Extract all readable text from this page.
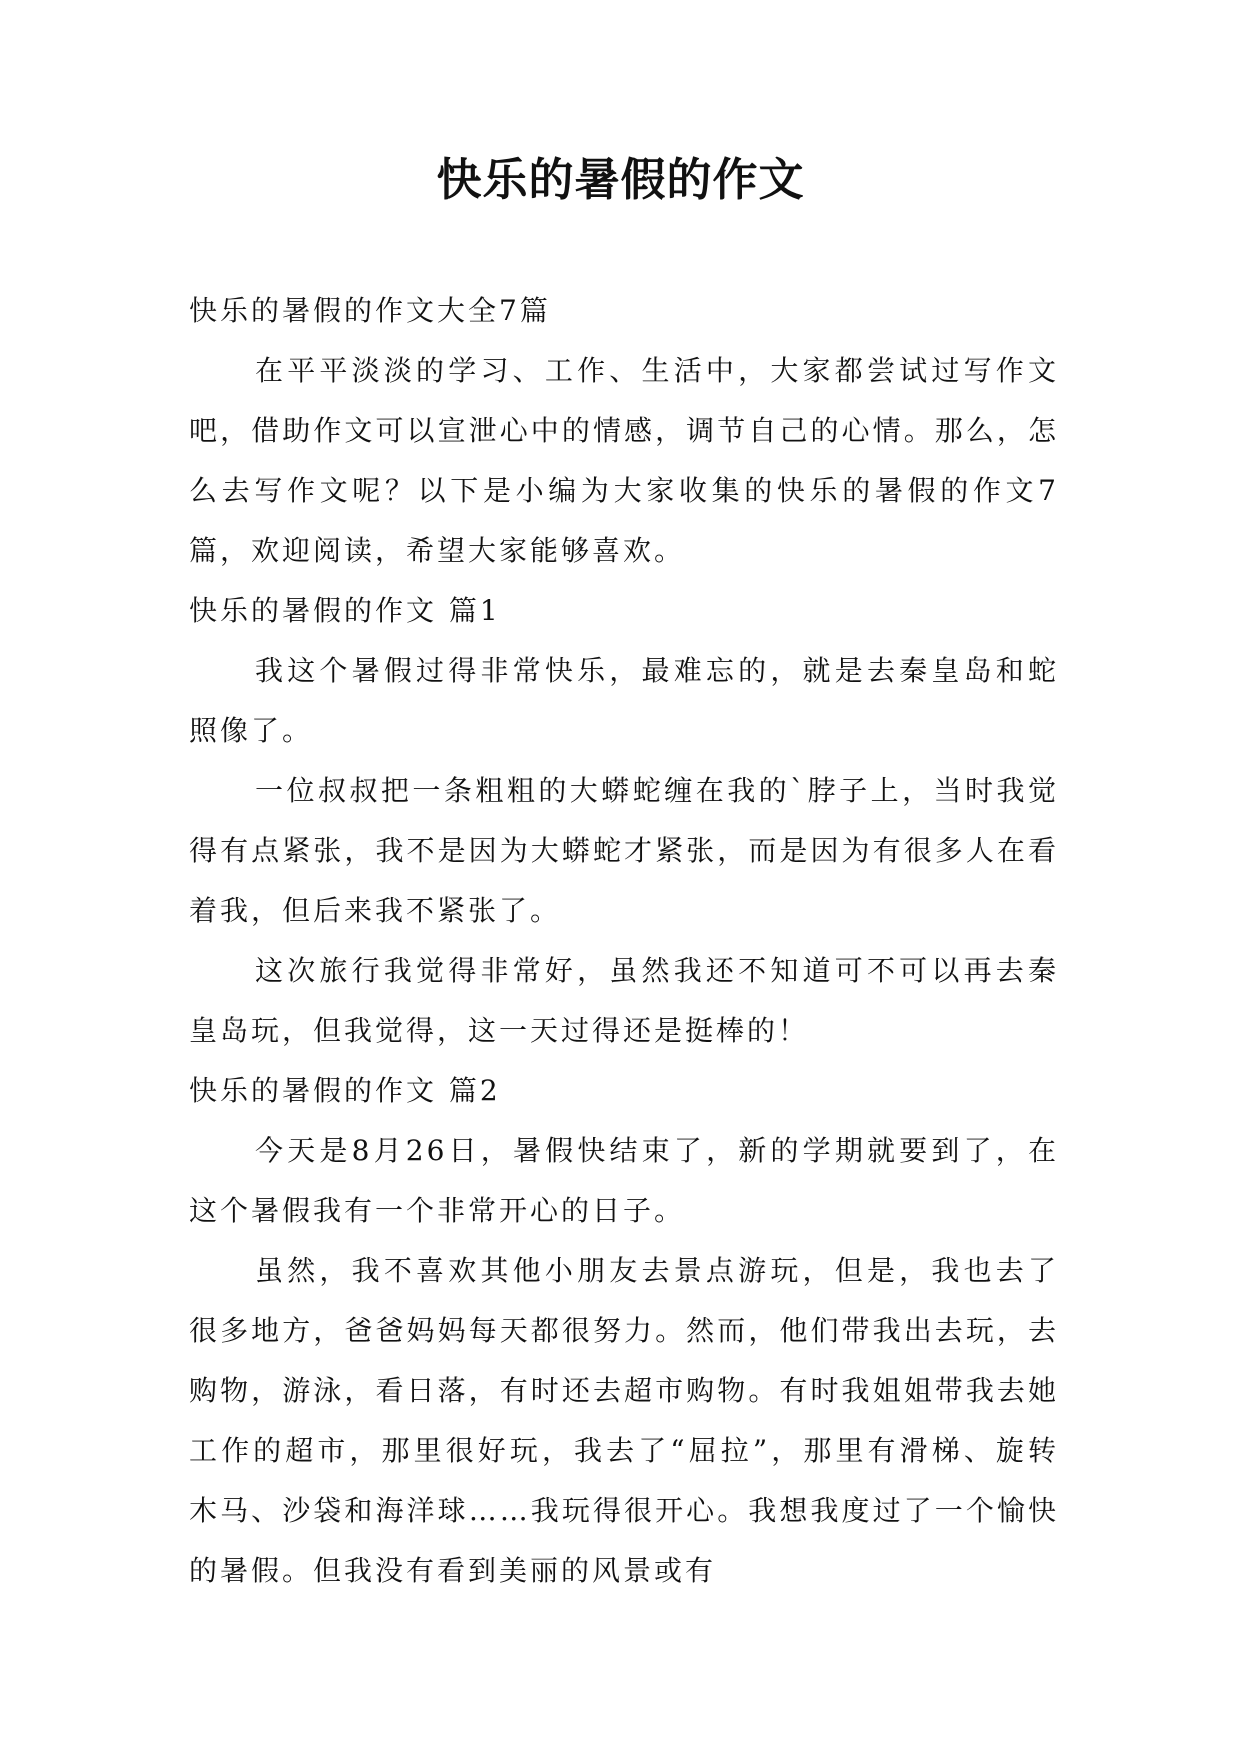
快乐的暑假的作文

快乐的暑假的作文大全7篇

在平平淡淡的学习、工作、生活中，大家都尝试过写作文吧，借助作文可以宣泄心中的情感，调节自己的心情。那么，怎么去写作文呢？以下是小编为大家收集的快乐的暑假的作文7篇，欢迎阅读，希望大家能够喜欢。

快乐的暑假的作文 篇1

我这个暑假过得非常快乐，最难忘的，就是去秦皇岛和蛇照像了。

一位叔叔把一条粗粗的大蟒蛇缠在我的`脖子上，当时我觉得有点紧张，我不是因为大蟒蛇才紧张，而是因为有很多人在看着我，但后来我不紧张了。

这次旅行我觉得非常好，虽然我还不知道可不可以再去秦皇岛玩，但我觉得，这一天过得还是挺棒的！

快乐的暑假的作文 篇2

今天是8月26日，暑假快结束了，新的学期就要到了，在这个暑假我有一个非常开心的日子。

虽然，我不喜欢其他小朋友去景点游玩，但是，我也去了很多地方，爸爸妈妈每天都很努力。然而，他们带我出去玩，去购物，游泳，看日落，有时还去超市购物。有时我姐姐带我去她工作的超市，那里很好玩，我去了“屈拉”，那里有滑梯、旋转木马、沙袋和海洋球……我玩得很开心。我想我度过了一个愉快的暑假。但我没有看到美丽的风景或有
